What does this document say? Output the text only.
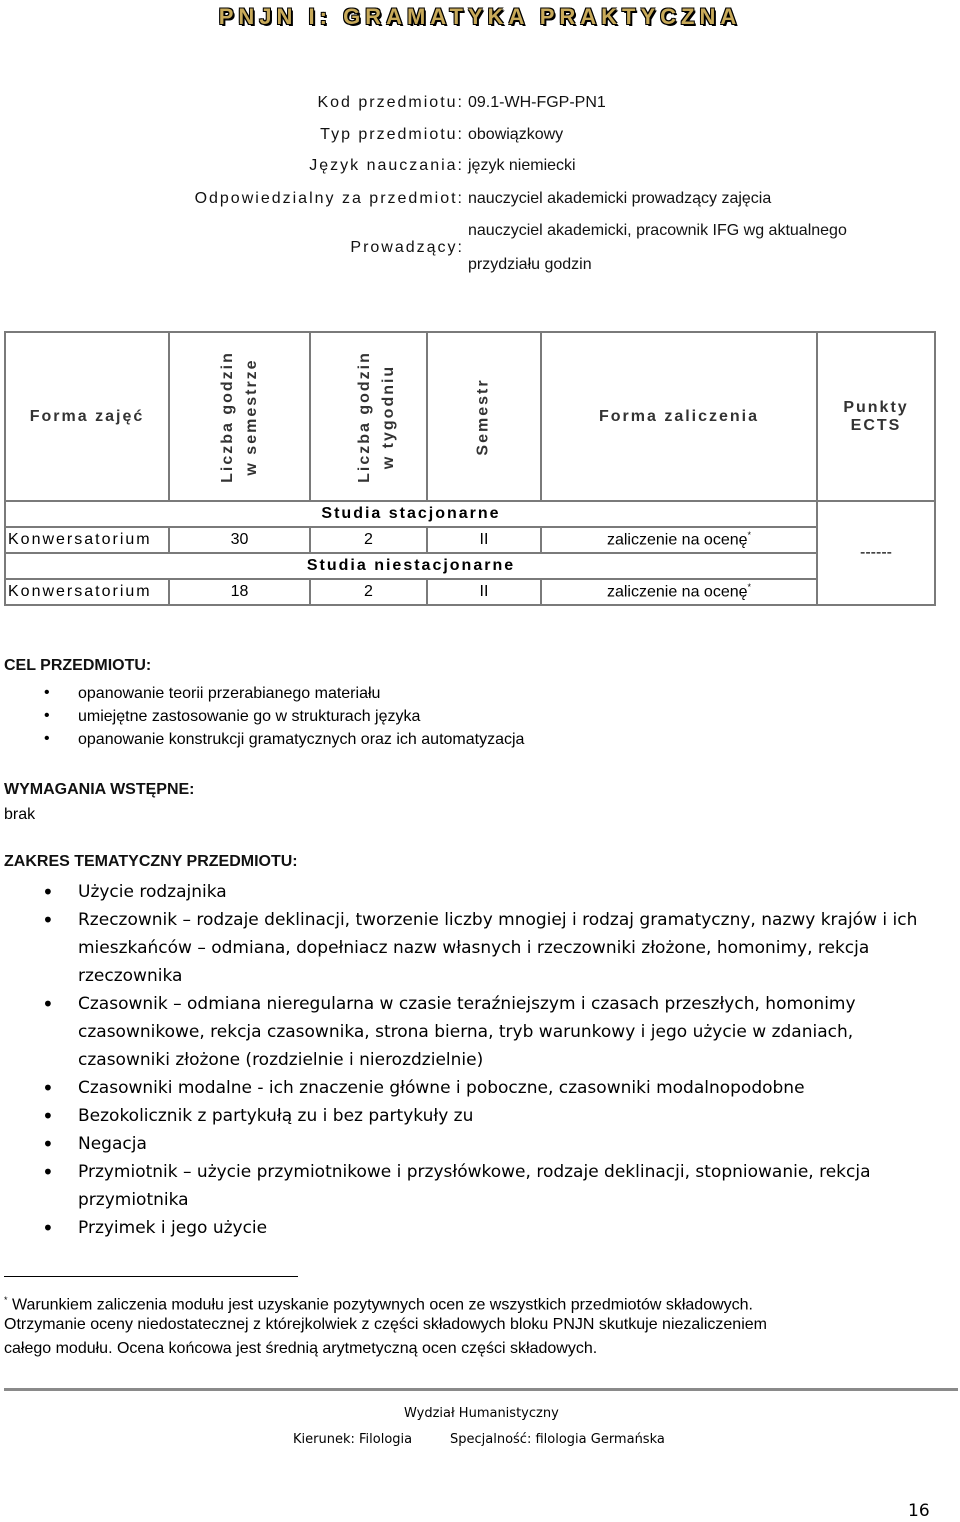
PNJN I: GRAMATYKA PRAKTYCZNA
Kod przedmiotu: 09.1-WH-FGP-PN1
Typ przedmiotu: obowiązkowy
Język nauczania: język niemiecki
Odpowiedzialny za przedmiot: nauczyciel akademicki prowadzący zajęcia
Prowadzący:
nauczyciel akademicki, pracownik IFG wg aktualnego
przydziału godzin
Forma zajęć	Liczba godzin w semestrze	Liczba godzin w tygodniu	Semestr	Forma zaliczenia	Punkty
ECTS
Studia stacjonarne					------
Konwersatorium	30	2	II	zaliczenie na ocenę*
Studia niestacjonarne					
Konwersatorium	18	2	II	zaliczenie na ocenę*
CEL PRZEDMIOTU:
• opanowanie teorii przerabianego materiału
• umiejętne zastosowanie go w strukturach języka
• opanowanie konstrukcji gramatycznych oraz ich automatyzacja
WYMAGANIA WSTĘPNE:
brak
ZAKRES TEMATYCZNY PRZEDMIOTU:
• Użycie rodzajnika
• Rzeczownik – rodzaje deklinacji, tworzenie liczby mnogiej i rodzaj gramatyczny, nazwy krajów i ich mieszkańców – odmiana, dopełniacz nazw własnych i rzeczowniki złożone, homonimy, rekcja rzeczownika
• Czasownik – odmiana nieregularna w czasie teraźniejszym i czasach przeszłych, homonimy czasownikowe, rekcja czasownika, strona bierna, tryb warunkowy i jego użycie w zdaniach, czasowniki złożone (rozdzielnie i nierozdzielnie)
• Czasowniki modalne - ich znaczenie główne i poboczne, czasowniki modalnopodobne
• Bezokolicznik z partykułą zu i bez partykuły zu
• Negacja
• Przymiotnik – użycie przymiotnikowe i przysłówkowe, rodzaje deklinacji, stopniowanie, rekcja przymiotnika
• Przyimek i jego użycie
* Warunkiem zaliczenia modułu jest uzyskanie pozytywnych ocen ze wszystkich przedmiotów składowych.
Otrzymanie oceny niedostatecznej z którejkolwiek z części składowych bloku PNJN skutkuje niezaliczeniem
całego modułu. Ocena końcowa jest średnią arytmetyczną ocen części składowych.
Wydział Humanistyczny
Kierunek: Filologia	Specjalność: filologia Germańska
16
